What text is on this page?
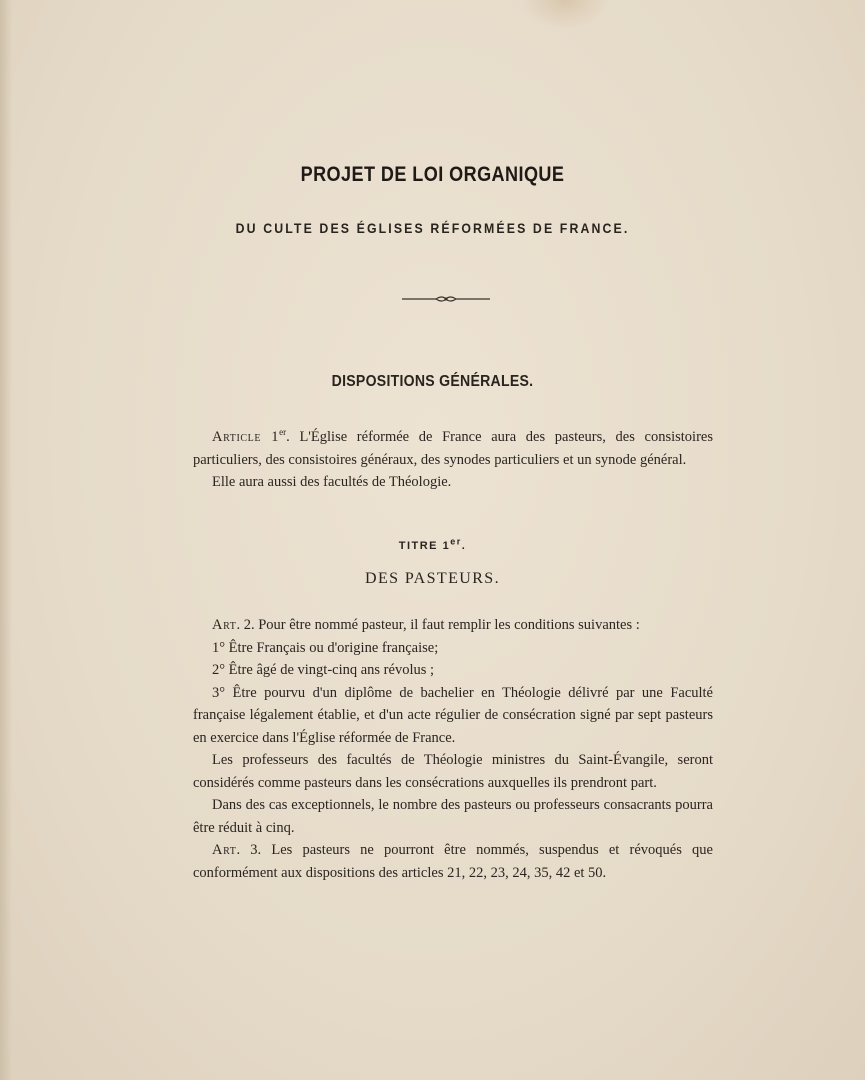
PROJET DE LOI ORGANIQUE
DU CULTE DES ÉGLISES RÉFORMÉES DE FRANCE.
DISPOSITIONS GÉNÉRALES.

Article 1er. L'Église réformée de France aura des pasteurs, des consistoires particuliers, des consistoires généraux, des synodes particuliers et un synode général.

Elle aura aussi des facultés de Théologie.

TITRE 1er.
DES PASTEURS.

Art. 2. Pour être nommé pasteur, il faut remplir les conditions suivantes :

1° Être Français ou d'origine française;

2° Être âgé de vingt-cinq ans révolus ;

3° Être pourvu d'un diplôme de bachelier en Théologie délivré par une Faculté française légalement établie, et d'un acte régulier de consécration signé par sept pasteurs en exercice dans l'Église réformée de France.

Les professeurs des facultés de Théologie ministres du Saint-Évangile, seront considérés comme pasteurs dans les consécrations auxquelles ils prendront part.

Dans des cas exceptionnels, le nombre des pasteurs ou professeurs consacrants pourra être réduit à cinq.

Art. 3. Les pasteurs ne pourront être nommés, suspendus et révoqués que conformément aux dispositions des articles 21, 22, 23, 24, 35, 42 et 50.
